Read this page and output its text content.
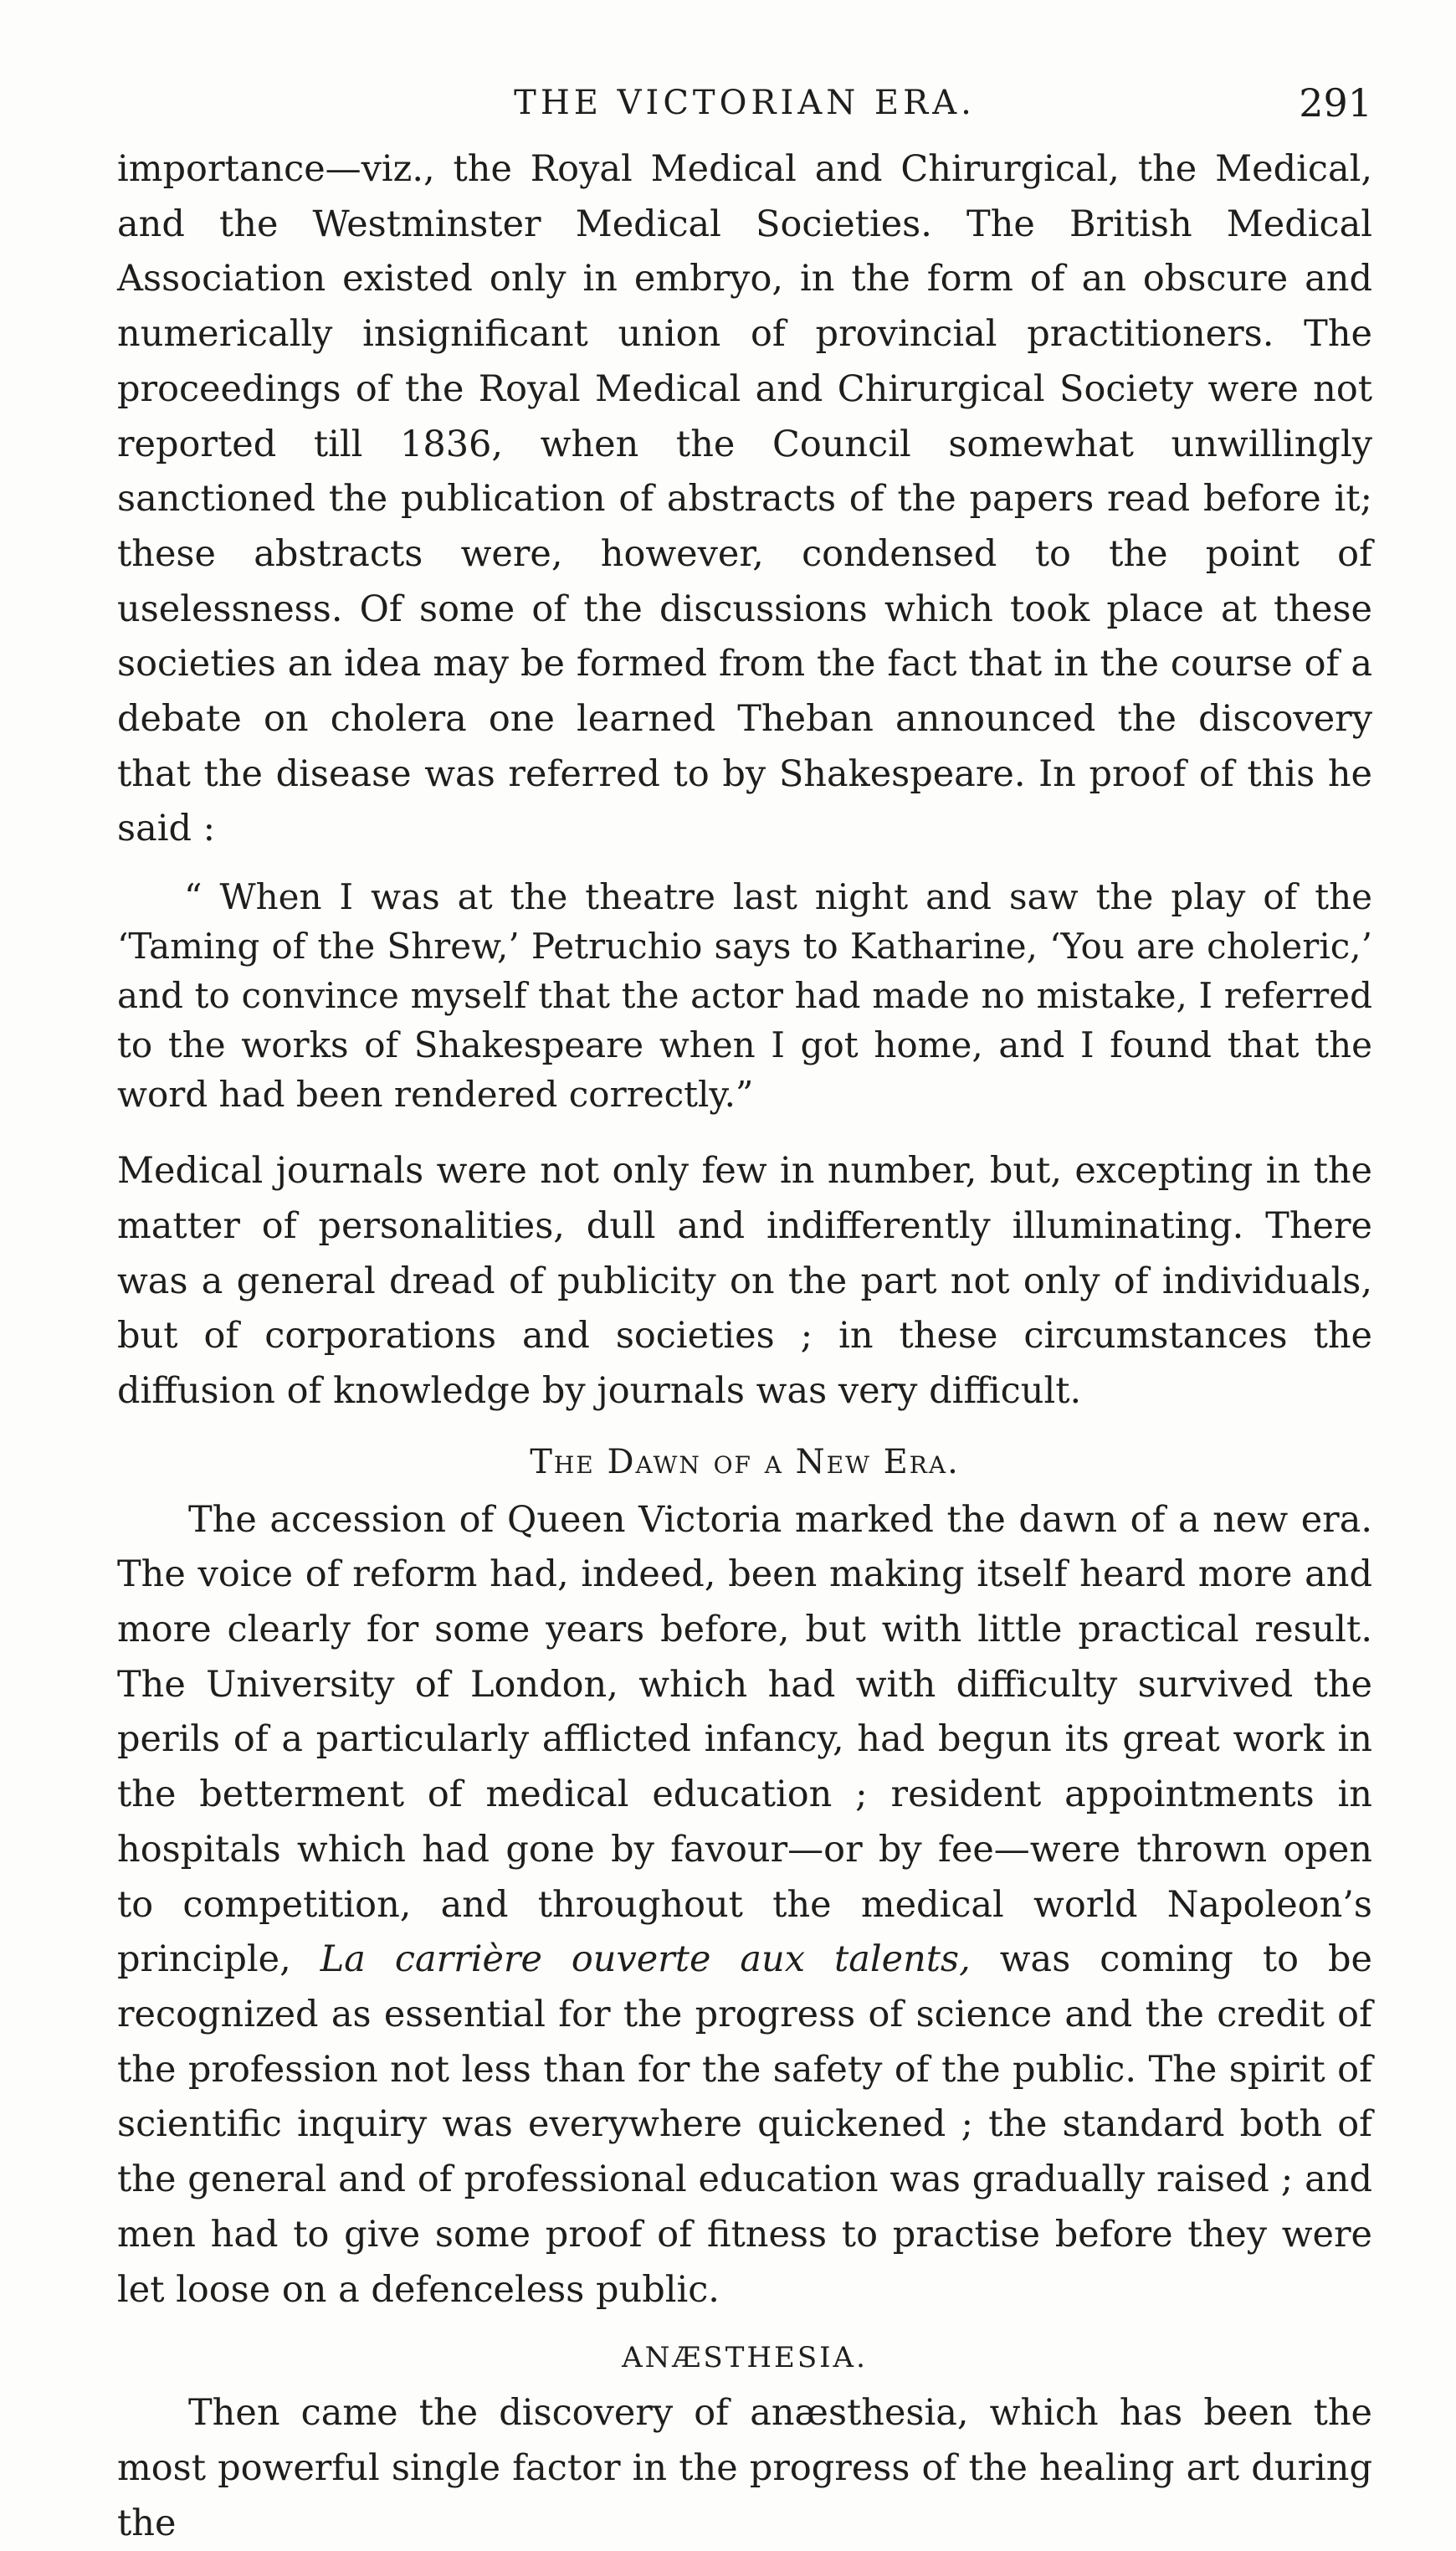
THE VICTORIAN ERA.	291

importance—viz., the Royal Medical and Chirurgical, the Medical, and the Westminster Medical Societies. The British Medical Association existed only in embryo, in the form of an obscure and numerically insignificant union of provincial practitioners. The proceedings of the Royal Medical and Chirurgical Society were not reported till 1836, when the Council somewhat unwillingly sanctioned the publication of abstracts of the papers read before it; these abstracts were, however, condensed to the point of uselessness. Of some of the discussions which took place at these societies an idea may be formed from the fact that in the course of a debate on cholera one learned Theban announced the discovery that the disease was referred to by Shakespeare. In proof of this he said :

“ When I was at the theatre last night and saw the play of the ‘Taming of the Shrew,’ Petruchio says to Katharine, ‘You are choleric,’ and to convince myself that the actor had made no mistake, I referred to the works of Shakespeare when I got home, and I found that the word had been rendered correctly.”

Medical journals were not only few in number, but, excepting in the matter of personalities, dull and indifferently illuminating. There was a general dread of publicity on the part not only of individuals, but of corporations and societies ; in these circumstances the diffusion of knowledge by journals was very difficult.

The Dawn of a New Era.

The accession of Queen Victoria marked the dawn of a new era. The voice of reform had, indeed, been making itself heard more and more clearly for some years before, but with little practical result. The University of London, which had with difficulty survived the perils of a particularly afflicted infancy, had begun its great work in the betterment of medical education ; resident appointments in hospitals which had gone by favour—or by fee—were thrown open to competition, and throughout the medical world Napoleon’s principle, La carrière ouverte aux talents, was coming to be recognized as essential for the progress of science and the credit of the profession not less than for the safety of the public. The spirit of scientific inquiry was everywhere quickened ; the standard both of the general and of professional education was gradually raised ; and men had to give some proof of fitness to practise before they were let loose on a defenceless public.

ANÆSTHESIA.

Then came the discovery of anæsthesia, which has been the most powerful single factor in the progress of the healing art during the
